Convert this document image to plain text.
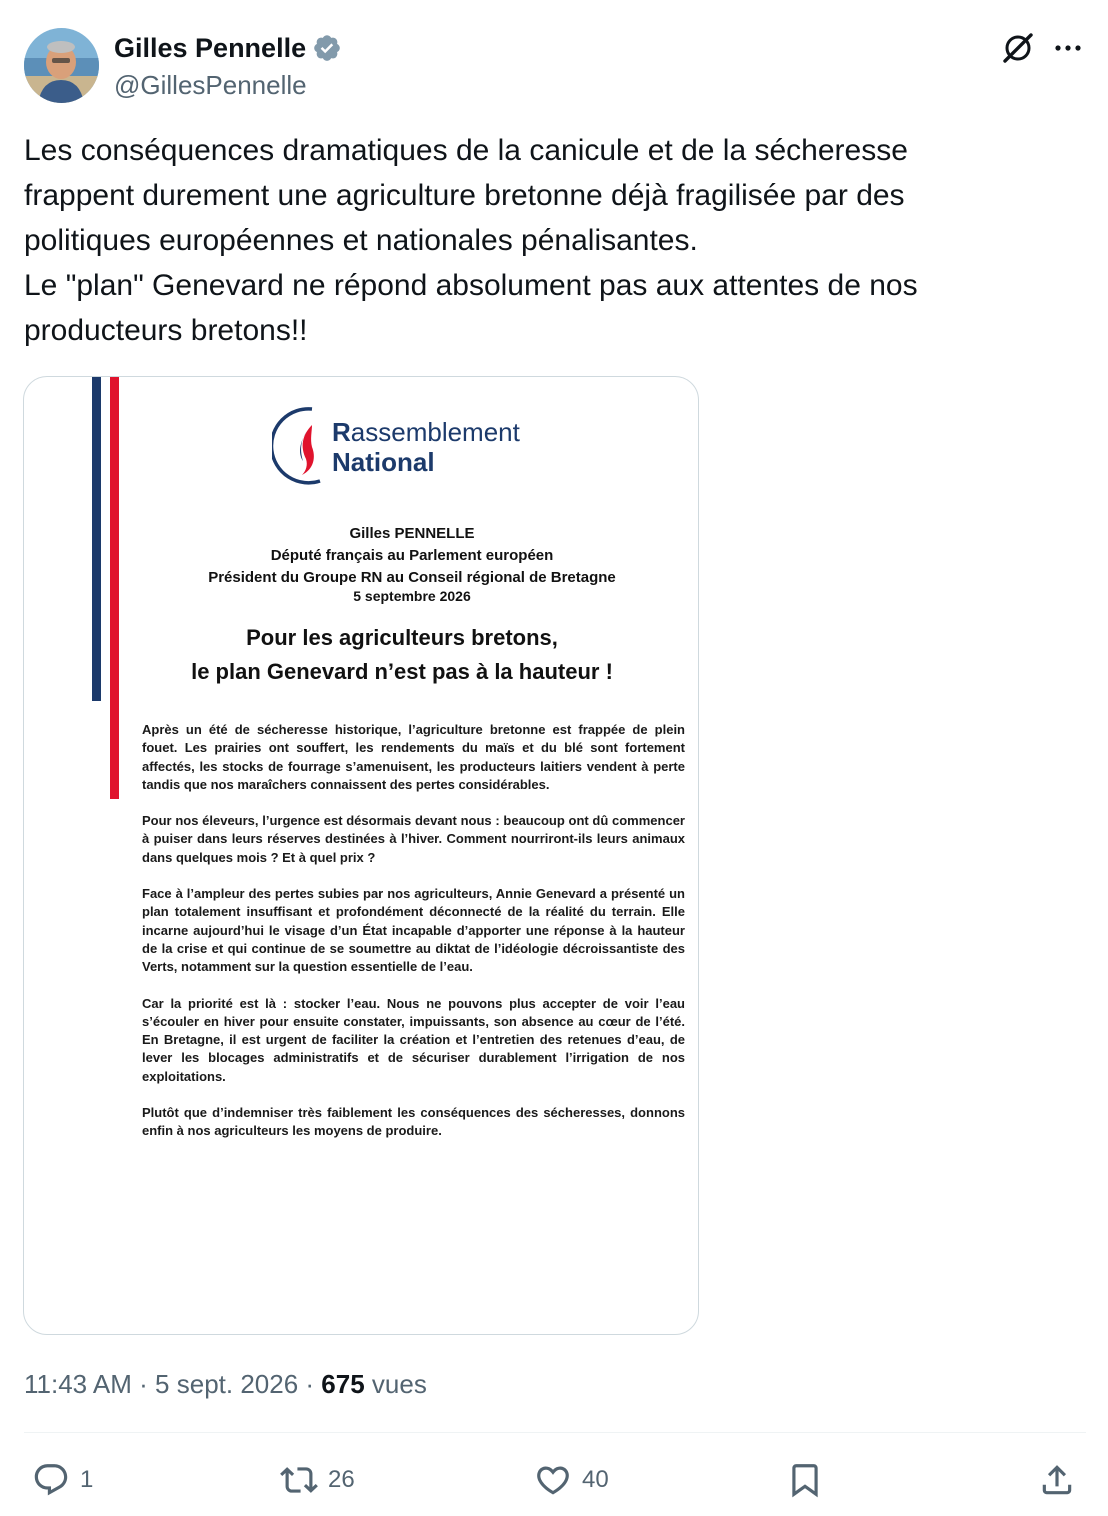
Gilles Pennelle
@GillesPennelle

Les conséquences dramatiques de la canicule et de la sécheresse

frappent durement une agriculture bretonne déjà fragilisée par des

politiques européennes et nationales pénalisantes.

Le "plan" Genevard ne répond absolument pas aux attentes de nos

producteurs bretons!!

Rassemblement
National
Gilles PENNELLE
Député français au Parlement européen
Président du Groupe RN au Conseil régional de Bretagne
5 septembre 2026
Pour les agriculteurs bretons,
le plan Genevard n’est pas à la hauteur !

Après un été de sécheresse historique, l’agriculture bretonne est frappée de plein fouet. Les prairies ont souffert, les rendements du maïs et du blé sont fortement affectés, les stocks de fourrage s’amenuisent, les producteurs laitiers vendent à perte tandis que nos maraîchers connaissent des pertes considérables.

Pour nos éleveurs, l’urgence est désormais devant nous : beaucoup ont dû commencer à puiser dans leurs réserves destinées à l’hiver. Comment nourriront-ils leurs animaux dans quelques mois ? Et à quel prix ?

Face à l’ampleur des pertes subies par nos agriculteurs, Annie Genevard a présenté un plan totalement insuffisant et profondément déconnecté de la réalité du terrain. Elle incarne aujourd’hui le visage d’un État incapable d’apporter une réponse à la hauteur de la crise et qui continue de se soumettre au diktat de l’idéologie décroissantiste des Verts, notamment sur la question essentielle de l’eau.

Car la priorité est là : stocker l’eau. Nous ne pouvons plus accepter de voir l’eau s’écouler en hiver pour ensuite constater, impuissants, son absence au cœur de l’été. En Bretagne, il est urgent de faciliter la création et l’entretien des retenues d’eau, de lever les blocages administratifs et de sécuriser durablement l’irrigation de nos exploitations.

Plutôt que d’indemniser très faiblement les conséquences des sécheresses, donnons enfin à nos agriculteurs les moyens de produire.

11:43 AM · 5 sept. 2026 · 675 vues
1	26	40
